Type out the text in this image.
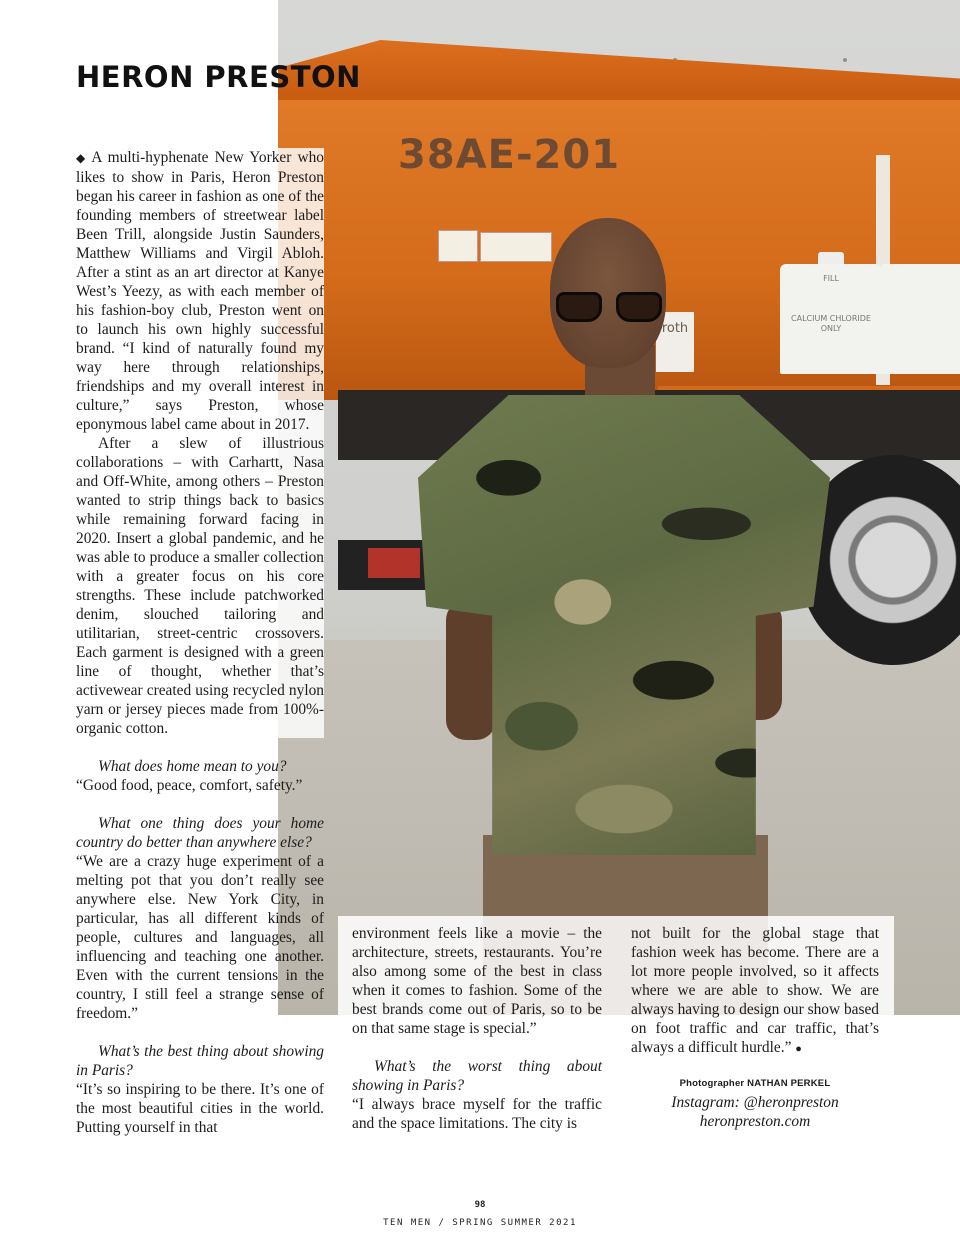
38AE-201
FILL
CALCIUM CHLORIDE ONLY
roth
HERON PRESTON

◆ A multi-hyphenate New Yorker who likes to show in Paris, Heron Preston began his career in fashion as one of the founding members of streetwear label Been Trill, alongside Justin Saunders, Matthew Williams and Virgil Abloh. After a stint as an art director at Kanye West’s Yeezy, as with each member of his fashion-boy club, Preston went on to launch his own highly successful brand. “I kind of naturally found my way here through relationships, friendships and my overall interest in culture,” says Preston, whose eponymous label came about in 2017.

After a slew of illustrious collaborations – with Carhartt, Nasa and Off-White, among others – Preston wanted to strip things back to basics while remaining forward facing in 2020. Insert a global pandemic, and he was able to produce a smaller collection with a greater focus on his core strengths. These include patchworked denim, slouched tailoring and utilitarian, street-centric crossovers. Each garment is designed with a green line of thought, whether that’s activewear created using recycled nylon yarn or jersey pieces made from 100%-organic cotton.

What does home mean to you?

“Good food, peace, comfort, safety.”

What one thing does your home country do better than anywhere else?

“We are a crazy huge experiment of a melting pot that you don’t really see anywhere else. New York City, in particular, has all different kinds of people, cultures and languages, all influencing and teaching one another. Even with the current tensions in the country, I still feel a strange sense of freedom.”

What’s the best thing about showing in Paris?

“It’s so inspiring to be there. It’s one of the most beautiful cities in the world. Putting yourself in that

environment feels like a movie – the architecture, streets, restaurants. You’re also among some of the best in class when it comes to fashion. Some of the best brands come out of Paris, so to be on that same stage is special.”

What’s the worst thing about showing in Paris?

“I always brace myself for the traffic and the space limitations. The city is

not built for the global stage that fashion week has become. There are a lot more people involved, so it affects where we are able to show. We are always having to design our show based on foot traffic and car traffic, that’s always a difficult hurdle.” ●

Photographer NATHAN PERKEL
Instagram: @heronpreston
heronpreston.com
98
TEN MEN / SPRING SUMMER 2021
